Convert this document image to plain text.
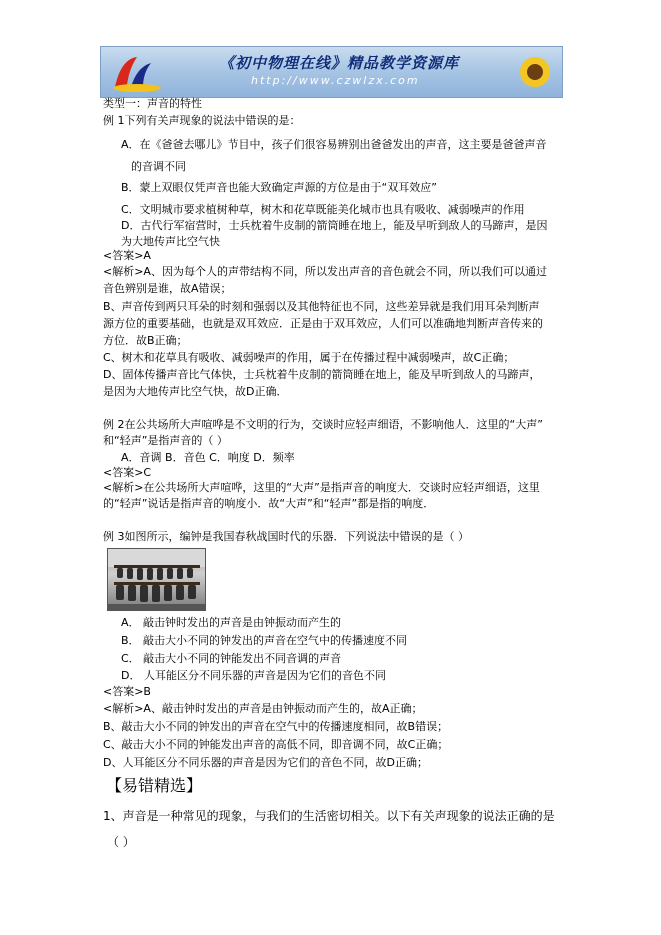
《初中物理在线》精品教学资源库
http://www.czwlzx.com
类型一：声音的特性
例 1下列有关声现象的说法中错误的是：
A．在《爸爸去哪儿》节目中，孩子们很容易辨别出爸爸发出的声音，这主要是爸爸声音
的音调不同
B．蒙上双眼仅凭声音也能大致确定声源的方位是由于“双耳效应”
C．文明城市要求植树种草，树木和花草既能美化城市也具有吸收、减弱噪声的作用
D．古代行军宿营时，士兵枕着牛皮制的箭筒睡在地上，能及早听到敌人的马蹄声，是因
为大地传声比空气快
<答案>A
<解析>A、因为每个人的声带结构不同，所以发出声音的音色就会不同，所以我们可以通过
音色辨别是谁，故A错误；
B、声音传到两只耳朵的时刻和强弱以及其他特征也不同，这些差异就是我们用耳朵判断声
源方位的重要基础，也就是双耳效应．正是由于双耳效应，人们可以准确地判断声音传来的
方位．故B正确；
C、树木和花草具有吸收、减弱噪声的作用，属于在传播过程中减弱噪声，故C正确；
D、固体传播声音比气体快，士兵枕着牛皮制的箭筒睡在地上，能及早听到敌人的马蹄声，
是因为大地传声比空气快，故D正确．
例 2在公共场所大声喧哗是不文明的行为，交谈时应轻声细语，不影响他人．这里的“大声”
和“轻声”是指声音的（ ）
A．音调 B．音色 C．响度 D．频率
<答案>C
<解析>在公共场所大声喧哗，这里的“大声”是指声音的响度大．交谈时应轻声细语，这里
的“轻声”说话是指声音的响度小．故“大声”和“轻声”都是指的响度．
例 3如图所示，编钟是我国春秋战国时代的乐器．下列说法中错误的是（ ）
A． 敲击钟时发出的声音是由钟振动而产生的
B． 敲击大小不同的钟发出的声音在空气中的传播速度不同
C． 敲击大小不同的钟能发出不同音调的声音
D． 人耳能区分不同乐器的声音是因为它们的音色不同
<答案>B
<解析>A、敲击钟时发出的声音是由钟振动而产生的，故A正确；
B、敲击大小不同的钟发出的声音在空气中的传播速度相同，故B错误；
C、敲击大小不同的钟能发出声音的高低不同，即音调不同，故C正确；
D、人耳能区分不同乐器的声音是因为它们的音色不同，故D正确；
【易错精选】
1、声音是一种常见的现象，与我们的生活密切相关。以下有关声现象的说法正确的是
（ ）
